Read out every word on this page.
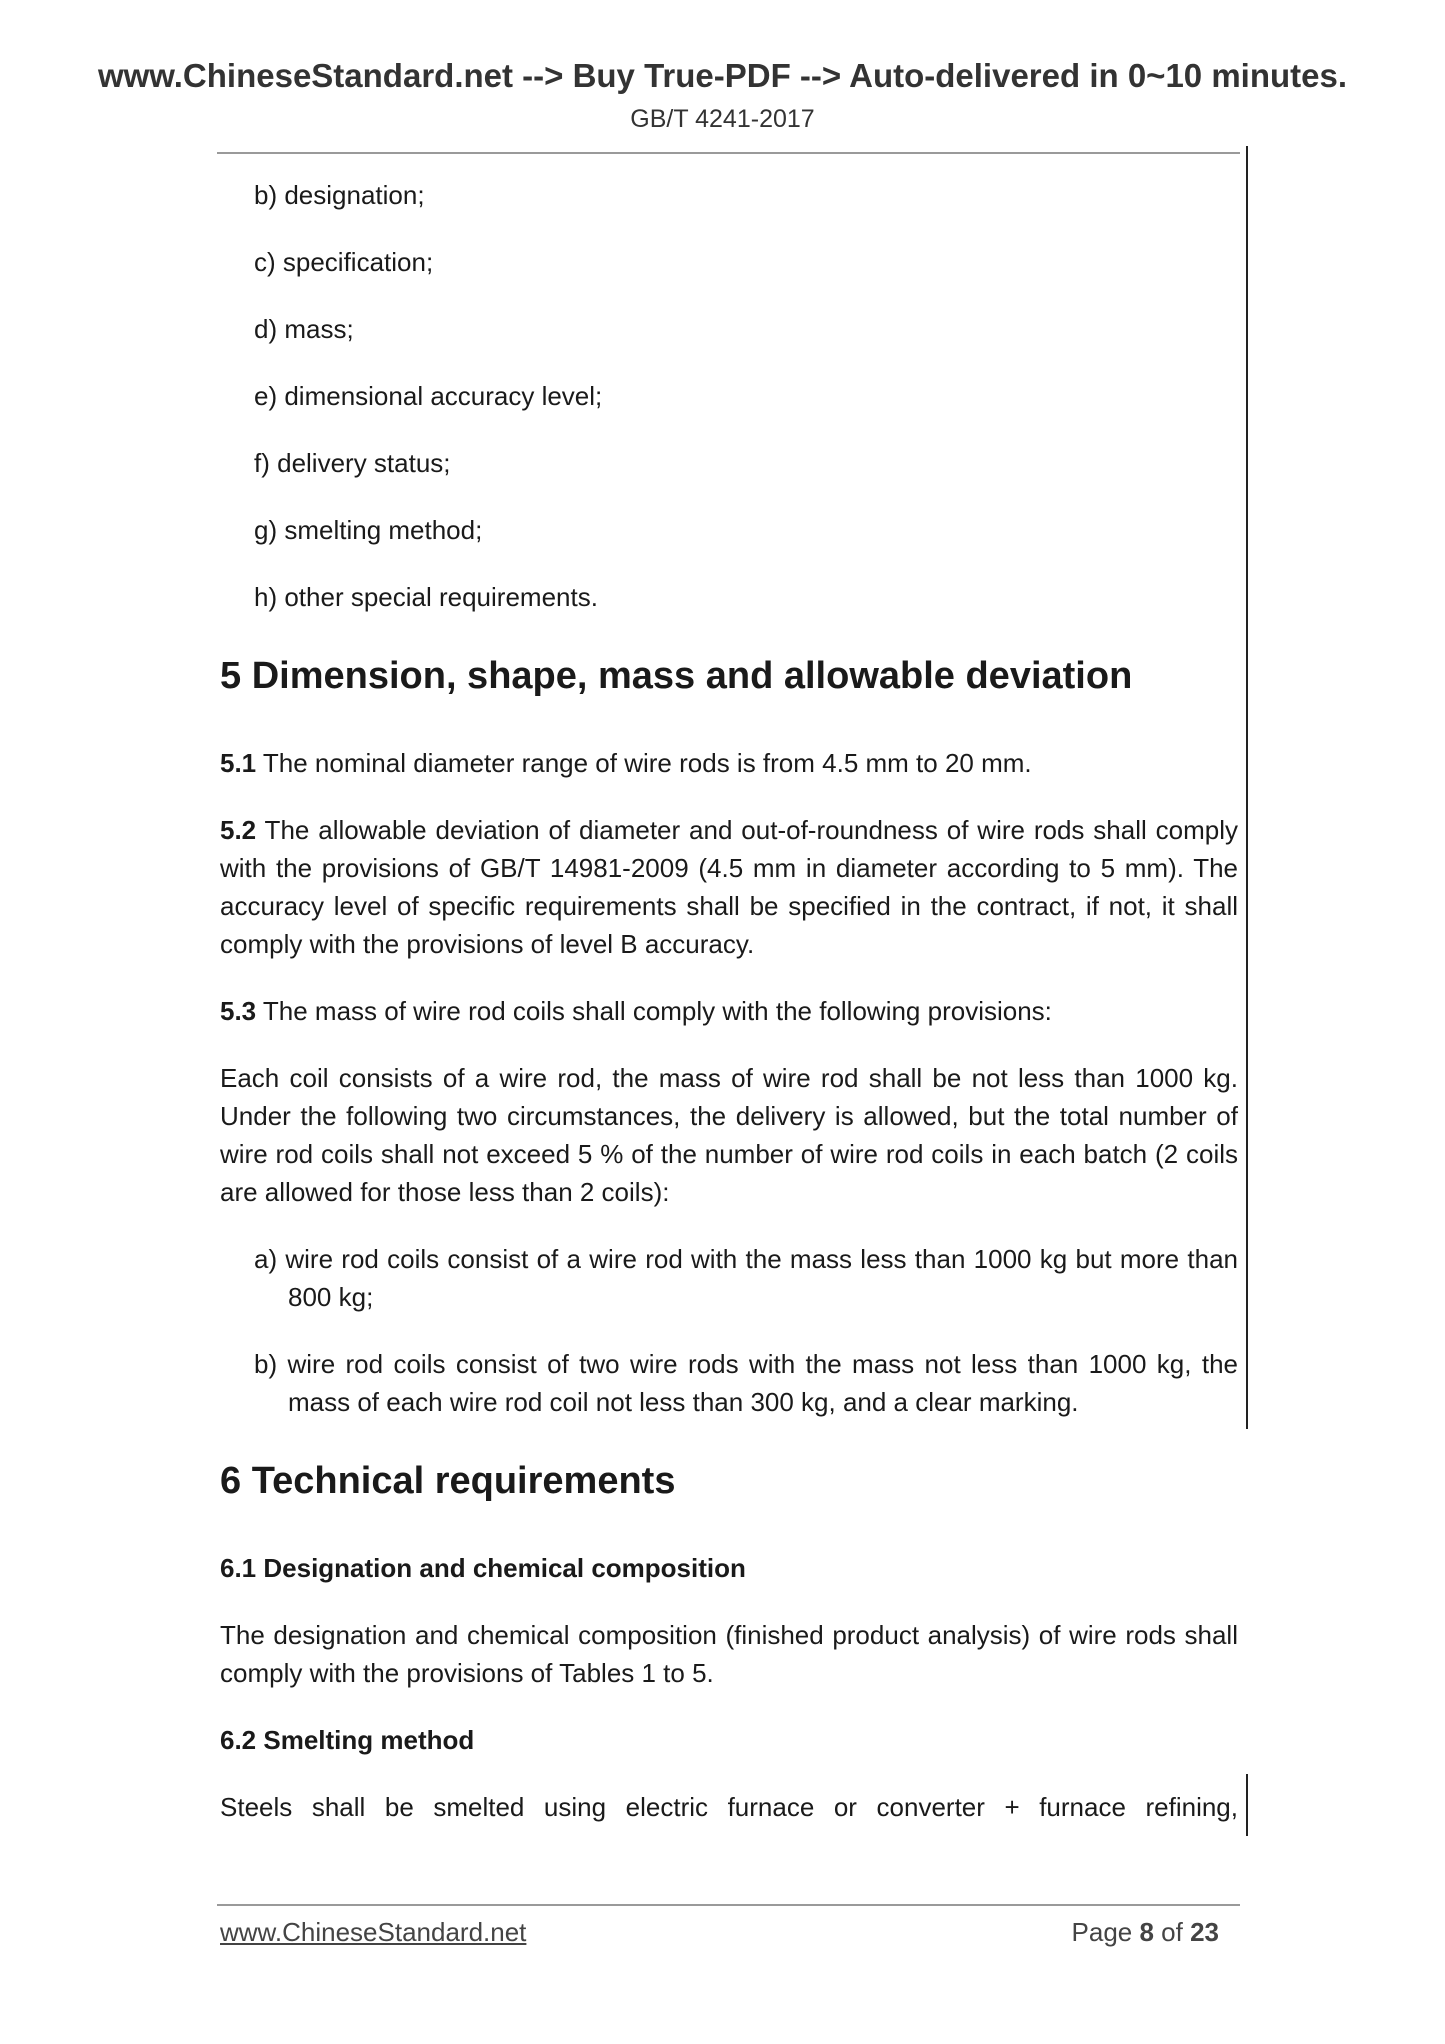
www.ChineseStandard.net --> Buy True-PDF --> Auto-delivered in 0~10 minutes.
GB/T 4241-2017

b) designation;

c) specification;

d) mass;

e) dimensional accuracy level;

f) delivery status;

g) smelting method;

h) other special requirements.

5 Dimension, shape, mass and allowable deviation

5.1 The nominal diameter range of wire rods is from 4.5 mm to 20 mm.

5.2 The allowable deviation of diameter and out-of-roundness of wire rods shall comply with the provisions of GB/T 14981-2009 (4.5 mm in diameter according to 5 mm). The accuracy level of specific requirements shall be specified in the contract, if not, it shall comply with the provisions of level B accuracy.

5.3 The mass of wire rod coils shall comply with the following provisions:

Each coil consists of a wire rod, the mass of wire rod shall be not less than 1000 kg. Under the following two circumstances, the delivery is allowed, but the total number of wire rod coils shall not exceed 5 % of the number of wire rod coils in each batch (2 coils are allowed for those less than 2 coils):

a) wire rod coils consist of a wire rod with the mass less than 1000 kg but more than 800 kg;

b) wire rod coils consist of two wire rods with the mass not less than 1000 kg, the mass of each wire rod coil not less than 300 kg, and a clear marking.

6 Technical requirements

6.1 Designation and chemical composition

The designation and chemical composition (finished product analysis) of wire rods shall comply with the provisions of Tables 1 to 5.

6.2 Smelting method

Steels shall be smelted using electric furnace or converter + furnace refining,

www.ChineseStandard.net	Page 8 of 23
